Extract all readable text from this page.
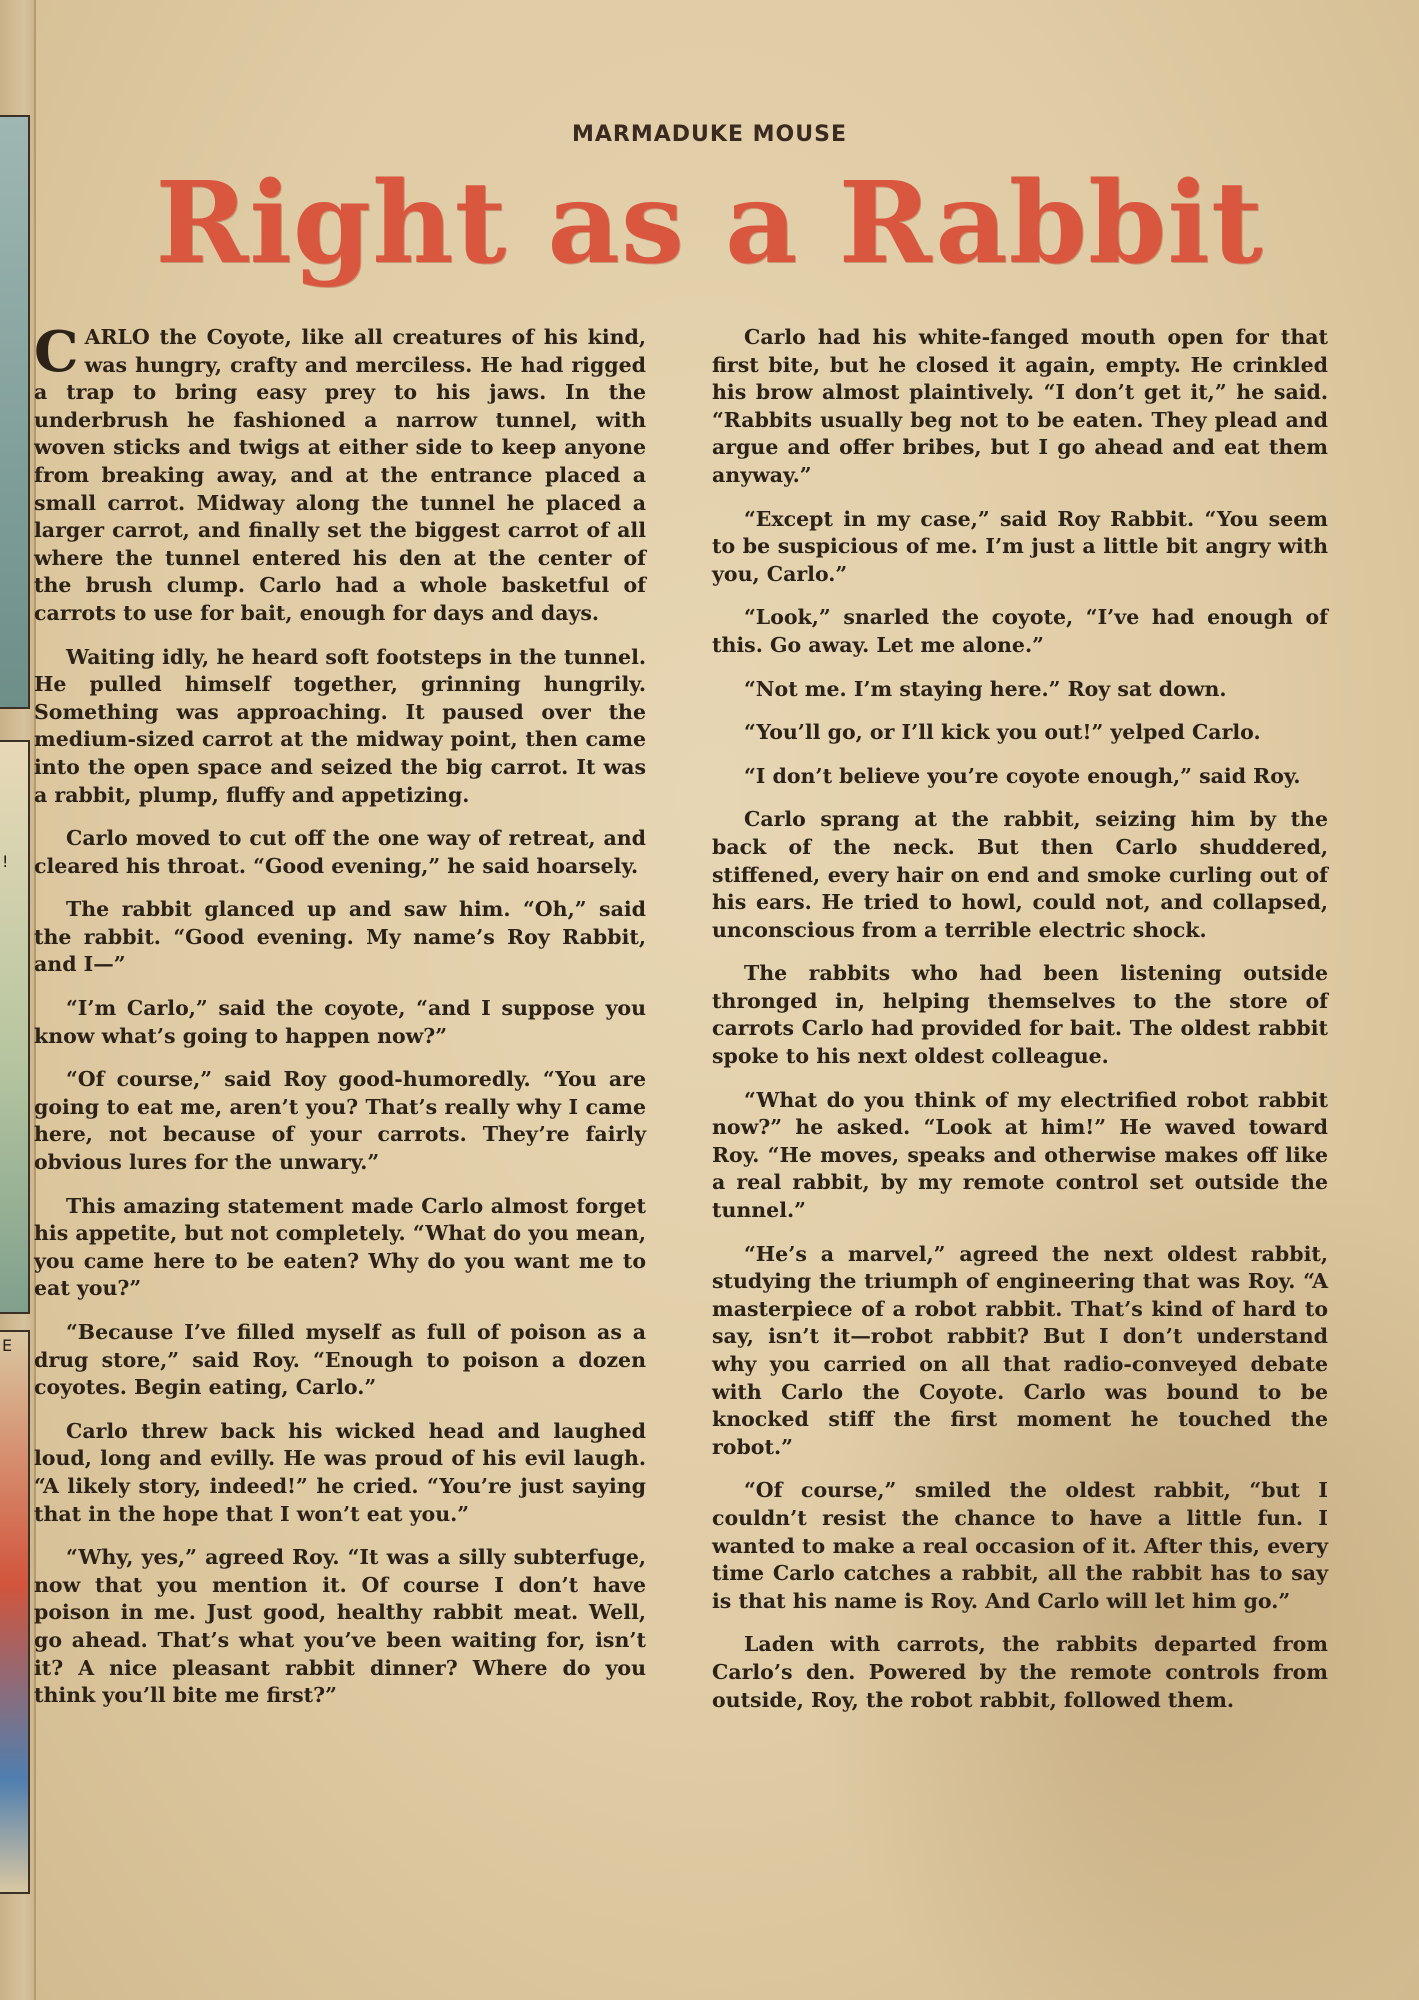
!
E
MARMADUKE MOUSE
Right as a Rabbit

CARLO the Coyote, like all creatures of his kind, was hungry, crafty and merciless. He had rigged a trap to bring easy prey to his jaws. In the underbrush he fashioned a narrow tunnel, with woven sticks and twigs at either side to keep anyone from breaking away, and at the entrance placed a small carrot. Midway along the tunnel he placed a larger carrot, and finally set the biggest carrot of all where the tunnel entered his den at the center of the brush clump. Carlo had a whole basketful of carrots to use for bait, enough for days and days.

Waiting idly, he heard soft footsteps in the tunnel. He pulled himself together, grinning hungrily. Something was approaching. It paused over the medium-sized carrot at the midway point, then came into the open space and seized the big carrot. It was a rabbit, plump, fluffy and appetizing.

Carlo moved to cut off the one way of retreat, and cleared his throat. “Good evening,” he said hoarsely.

The rabbit glanced up and saw him. “Oh,” said the rabbit. “Good evening. My name’s Roy Rabbit, and I—”

“I’m Carlo,” said the coyote, “and I suppose you know what’s going to happen now?”

“Of course,” said Roy good-humoredly. “You are going to eat me, aren’t you? That’s really why I came here, not because of your carrots. They’re fairly obvious lures for the unwary.”

This amazing statement made Carlo almost forget his appetite, but not completely. “What do you mean, you came here to be eaten? Why do you want me to eat you?”

“Because I’ve filled myself as full of poison as a drug store,” said Roy. “Enough to poison a dozen coyotes. Begin eating, Carlo.”

Carlo threw back his wicked head and laughed loud, long and evilly. He was proud of his evil laugh. “A likely story, indeed!” he cried. “You’re just saying that in the hope that I won’t eat you.”

“Why, yes,” agreed Roy. “It was a silly subterfuge, now that you mention it. Of course I don’t have poison in me. Just good, healthy rabbit meat. Well, go ahead. That’s what you’ve been waiting for, isn’t it? A nice pleasant rabbit dinner? Where do you think you’ll bite me first?”

Carlo had his white-fanged mouth open for that first bite, but he closed it again, empty. He crinkled his brow almost plaintively. “I don’t get it,” he said. “Rabbits usually beg not to be eaten. They plead and argue and offer bribes, but I go ahead and eat them anyway.”

“Except in my case,” said Roy Rabbit. “You seem to be suspicious of me. I’m just a little bit angry with you, Carlo.”

“Look,” snarled the coyote, “I’ve had enough of this. Go away. Let me alone.”

“Not me. I’m staying here.” Roy sat down.

“You’ll go, or I’ll kick you out!” yelped Carlo.

“I don’t believe you’re coyote enough,” said Roy.

Carlo sprang at the rabbit, seizing him by the back of the neck. But then Carlo shuddered, stiffened, every hair on end and smoke curling out of his ears. He tried to howl, could not, and collapsed, unconscious from a terrible electric shock.

The rabbits who had been listening outside thronged in, helping themselves to the store of carrots Carlo had provided for bait. The oldest rabbit spoke to his next oldest colleague.

“What do you think of my electrified robot rabbit now?” he asked. “Look at him!” He waved toward Roy. “He moves, speaks and otherwise makes off like a real rabbit, by my remote control set outside the tunnel.”

“He’s a marvel,” agreed the next oldest rabbit, studying the triumph of engineering that was Roy. “A masterpiece of a robot rabbit. That’s kind of hard to say, isn’t it—robot rabbit? But I don’t understand why you carried on all that radio-conveyed debate with Carlo the Coyote. Carlo was bound to be knocked stiff the first moment he touched the robot.”

“Of course,” smiled the oldest rabbit, “but I couldn’t resist the chance to have a little fun. I wanted to make a real occasion of it. After this, every time Carlo catches a rabbit, all the rabbit has to say is that his name is Roy. And Carlo will let him go.”

Laden with carrots, the rabbits departed from Carlo’s den. Powered by the remote controls from outside, Roy, the robot rabbit, followed them.
